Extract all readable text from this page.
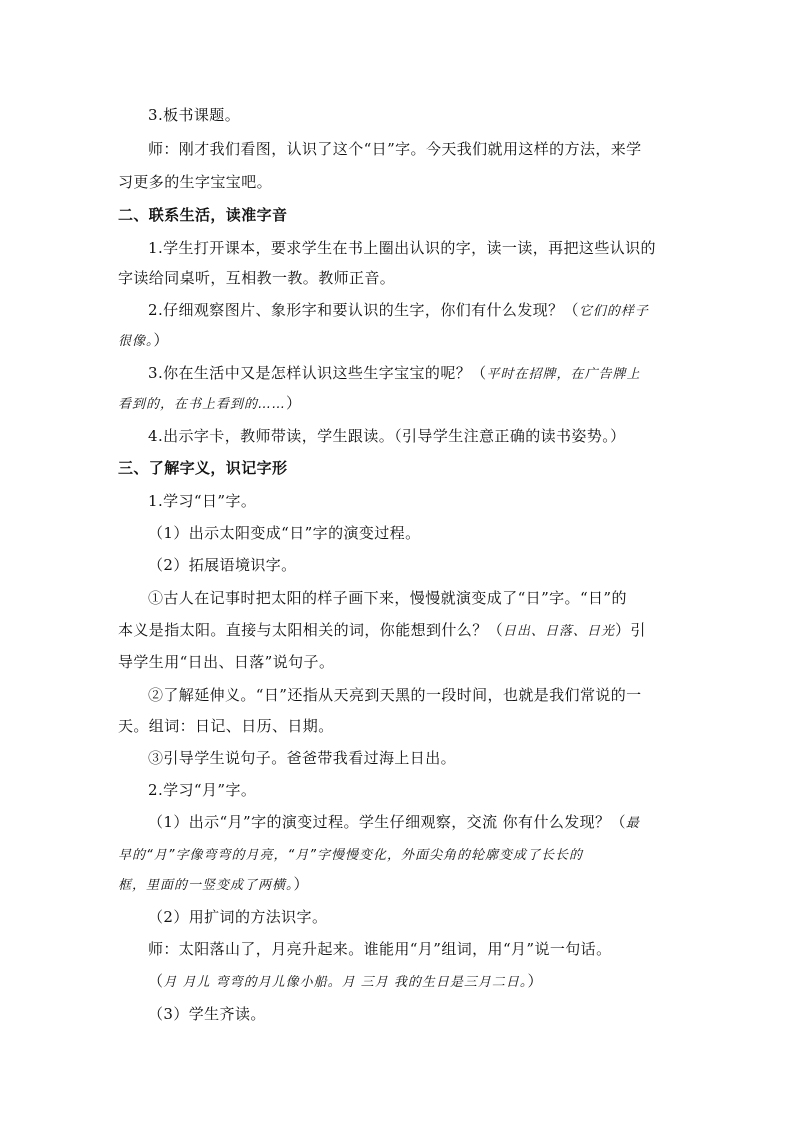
3.板书课题。
师：刚才我们看图，认识了这个“日”字。今天我们就用这样的方法，来学
习更多的生字宝宝吧。
二、联系生活，读准字音
1.学生打开课本，要求学生在书上圈出认识的字，读一读，再把这些认识的
字读给同桌听，互相教一教。教师正音。
2.仔细观察图片、象形字和要认识的生字，你们有什么发现？（它们的样子
很像。）
3.你在生活中又是怎样认识这些生字宝宝的呢？（平时在招牌，在广告牌上
看到的，在书上看到的……）
4.出示字卡，教师带读，学生跟读。（引导学生注意正确的读书姿势。）
三、了解字义，识记字形
1.学习“日”字。
（1）出示太阳变成“日”字的演变过程。
（2）拓展语境识字。
①古人在记事时把太阳的样子画下来，慢慢就演变成了“日”字。“日”的
本义是指太阳。直接与太阳相关的词，你能想到什么？（日出、日落、日光）引
导学生用“日出、日落”说句子。
②了解延伸义。“日”还指从天亮到天黑的一段时间，也就是我们常说的一
天。组词：日记、日历、日期。
③引导学生说句子。爸爸带我看过海上日出。
2.学习“月”字。
（1）出示“月”字的演变过程。学生仔细观察，交流 你有什么发现？（最
早的“月”字像弯弯的月亮，“月”字慢慢变化，外面尖角的轮廓变成了长长的
框，里面的一竖变成了两横。）
（2）用扩词的方法识字。
师：太阳落山了，月亮升起来。谁能用“月”组词，用“月”说一句话。
（月 月儿 弯弯的月儿像小船。月 三月 我的生日是三月二日。）
（3）学生齐读。
